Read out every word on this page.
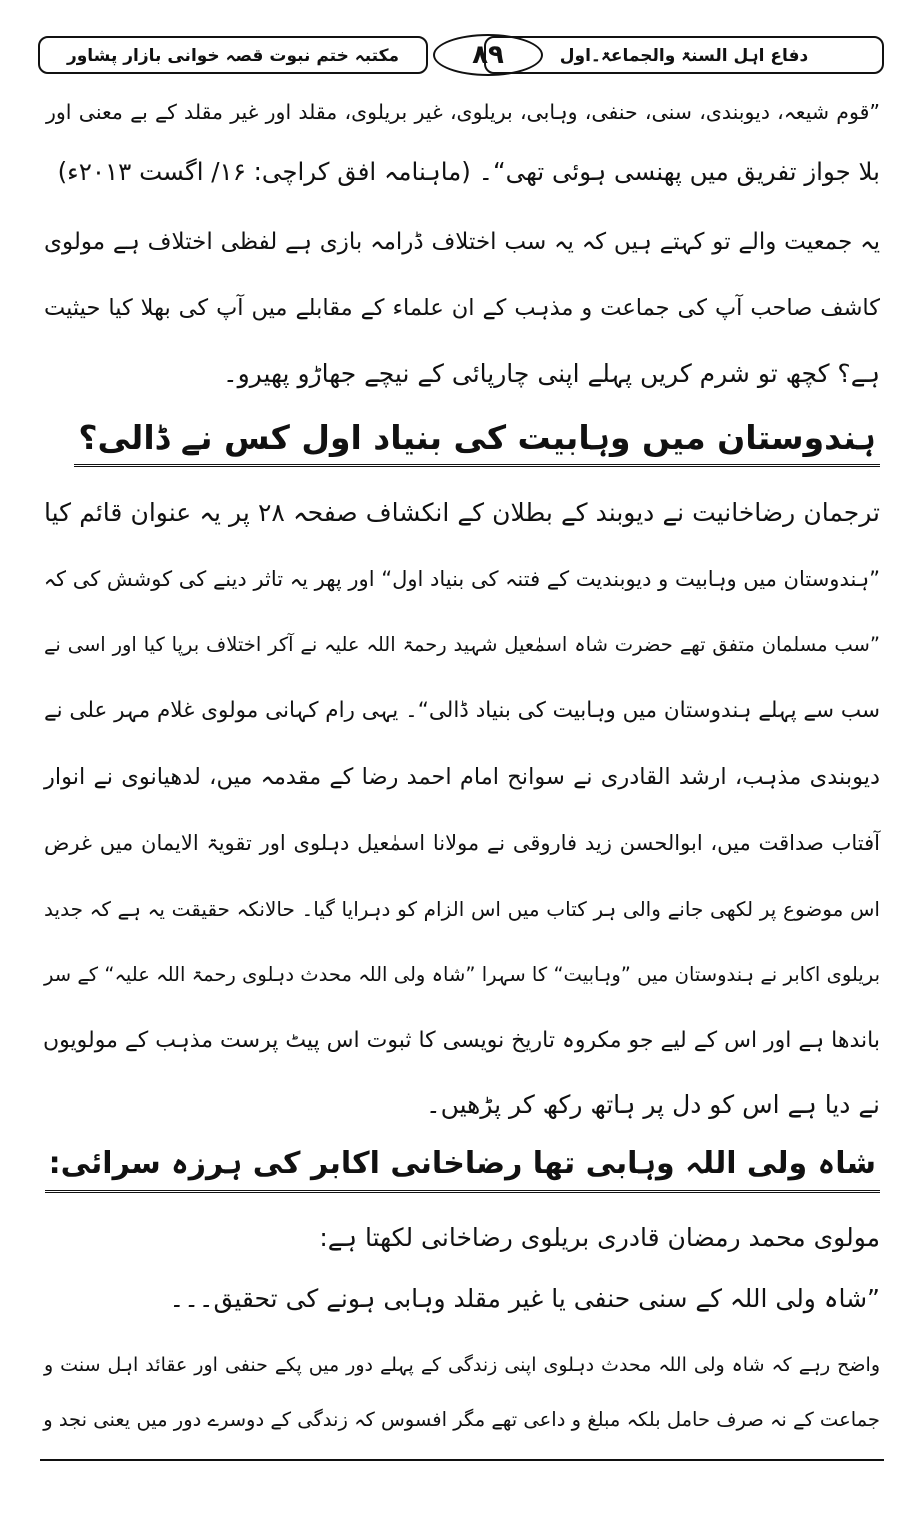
مکتبہ ختم نبوت قصہ خوانی بازار پشاور	۸۹	دفاع اہل السنۃ والجماعۃ۔اول
”قوم شیعہ، دیوبندی، سنی، حنفی، وہابی، بریلوی، غیر بریلوی، مقلد اور غیر مقلد کے بے معنی اور
بلا جواز تفریق میں پھنسی ہوئی تھی“۔ (ماہنامہ افق کراچی: ۱۶/ اگست ۲۰۱۳ء)
یہ جمعیت والے تو کہتے ہیں کہ یہ سب اختلاف ڈرامہ بازی ہے لفظی اختلاف ہے مولوی
کاشف صاحب آپ کی جماعت و مذہب کے ان علماء کے مقابلے میں آپ کی بھلا کیا حیثیت
ہے؟ کچھ تو شرم کریں پہلے اپنی چارپائی کے نیچے جھاڑو پھیرو۔
ہندوستان میں وہابیت کی بنیاد اول کس نے ڈالی؟
ترجمان رضاخانیت نے دیوبند کے بطلان کے انکشاف صفحہ ۲۸ پر یہ عنوان قائم کیا
”ہندوستان میں وہابیت و دیوبندیت کے فتنہ کی بنیاد اول“ اور پھر یہ تاثر دینے کی کوشش کی کہ
”سب مسلمان متفق تھے حضرت شاہ اسمٰعیل شہید رحمۃ اللہ علیہ نے آکر اختلاف برپا کیا اور اسی نے
سب سے پہلے ہندوستان میں وہابیت کی بنیاد ڈالی“۔ یہی رام کہانی مولوی غلام مہر علی نے
دیوبندی مذہب، ارشد القادری نے سوانح امام احمد رضا کے مقدمہ میں، لدھیانوی نے انوار
آفتاب صداقت میں، ابوالحسن زید فاروقی نے مولانا اسمٰعیل دہلوی اور تقویۃ الایمان میں غرض
اس موضوع پر لکھی جانے والی ہر کتاب میں اس الزام کو دہرایا گیا۔ حالانکہ حقیقت یہ ہے کہ جدید
بریلوی اکابر نے ہندوستان میں ”وہابیت“ کا سہرا ”شاہ ولی اللہ محدث دہلوی رحمۃ اللہ علیہ“ کے سر
باندھا ہے اور اس کے لیے جو مکروہ تاریخ نویسی کا ثبوت اس پیٹ پرست مذہب کے مولویوں
نے دیا ہے اس کو دل پر ہاتھ رکھ کر پڑھیں۔
شاہ ولی اللہ وہابی تھا رضاخانی اکابر کی ہرزہ سرائی:
مولوی محمد رمضان قادری بریلوی رضاخانی لکھتا ہے:
”شاہ ولی اللہ کے سنی حنفی یا غیر مقلد وہابی ہونے کی تحقیق۔۔۔
واضح رہے کہ شاہ ولی اللہ محدث دہلوی اپنی زندگی کے پہلے دور میں پکے حنفی اور عقائد اہل سنت و
جماعت کے نہ صرف حامل بلکہ مبلغ و داعی تھے مگر افسوس کہ زندگی کے دوسرے دور میں یعنی نجد و
